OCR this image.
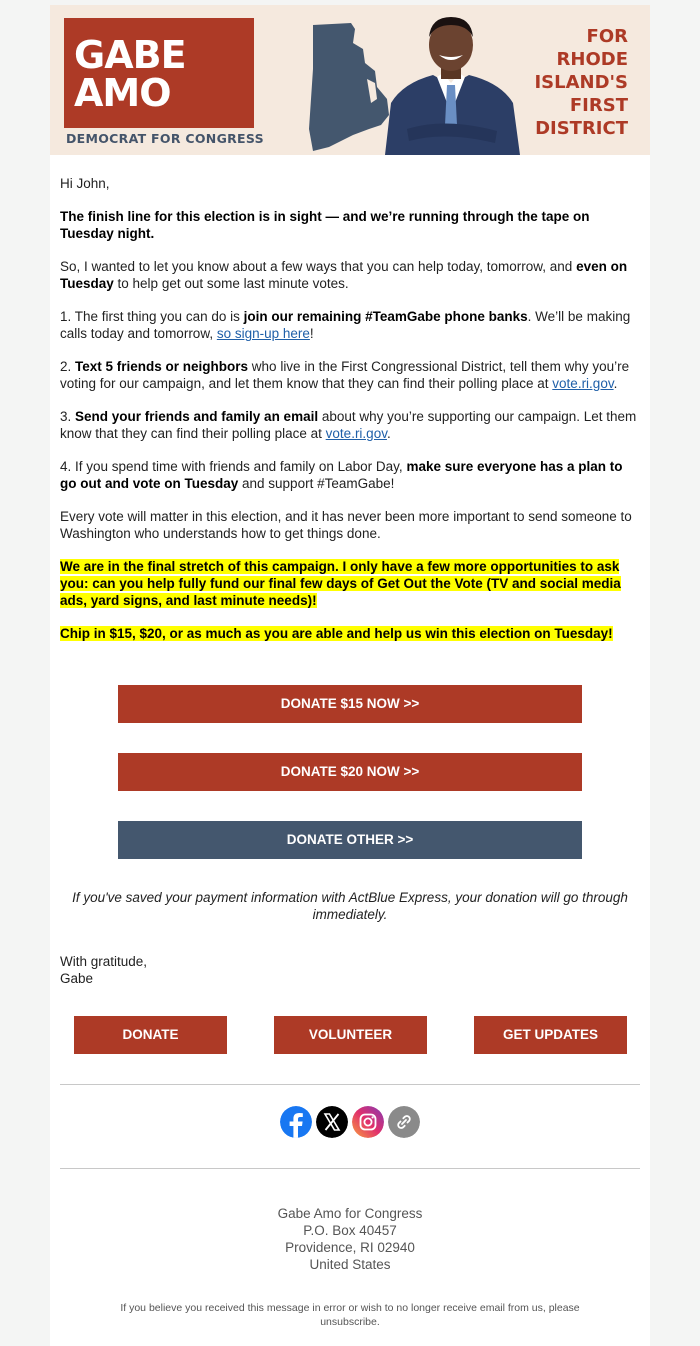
GABE
AMO
DEMOCRAT FOR CONGRESS
FOR
RHODE
ISLAND'S
FIRST
DISTRICT

Hi John,

The finish line for this election is in sight — and we’re running through the tape on Tuesday night.

So, I wanted to let you know about a few ways that you can help today, tomorrow, and even on Tuesday to help get out some last minute votes.

1. The first thing you can do is join our remaining #TeamGabe phone banks. We’ll be making calls today and tomorrow, so sign-up here!

2. Text 5 friends or neighbors who live in the First Congressional District, tell them why you’re voting for our campaign, and let them know that they can find their polling place at vote.ri.gov.

3. Send your friends and family an email about why you’re supporting our campaign. Let them know that they can find their polling place at vote.ri.gov.

4. If you spend time with friends and family on Labor Day, make sure everyone has a plan to go out and vote on Tuesday and support #TeamGabe!

Every vote will matter in this election, and it has never been more important to send someone to Washington who understands how to get things done.

We are in the final stretch of this campaign. I only have a few more opportunities to ask you: can you help fully fund our final few days of Get Out the Vote (TV and social media ads, yard signs, and last minute needs)!

Chip in $15, $20, or as much as you are able and help us win this election on Tuesday!

DONATE $15 NOW >>
DONATE $20 NOW >>
DONATE OTHER >>
If you've saved your payment information with ActBlue Express, your donation will go through immediately.
With gratitude,
Gabe
DONATE	VOLUNTEER	GET UPDATES
Gabe Amo for Congress
P.O. Box 40457
Providence, RI 02940
United States
If you believe you received this message in error or wish to no longer receive email from us, please
unsubscribe.
